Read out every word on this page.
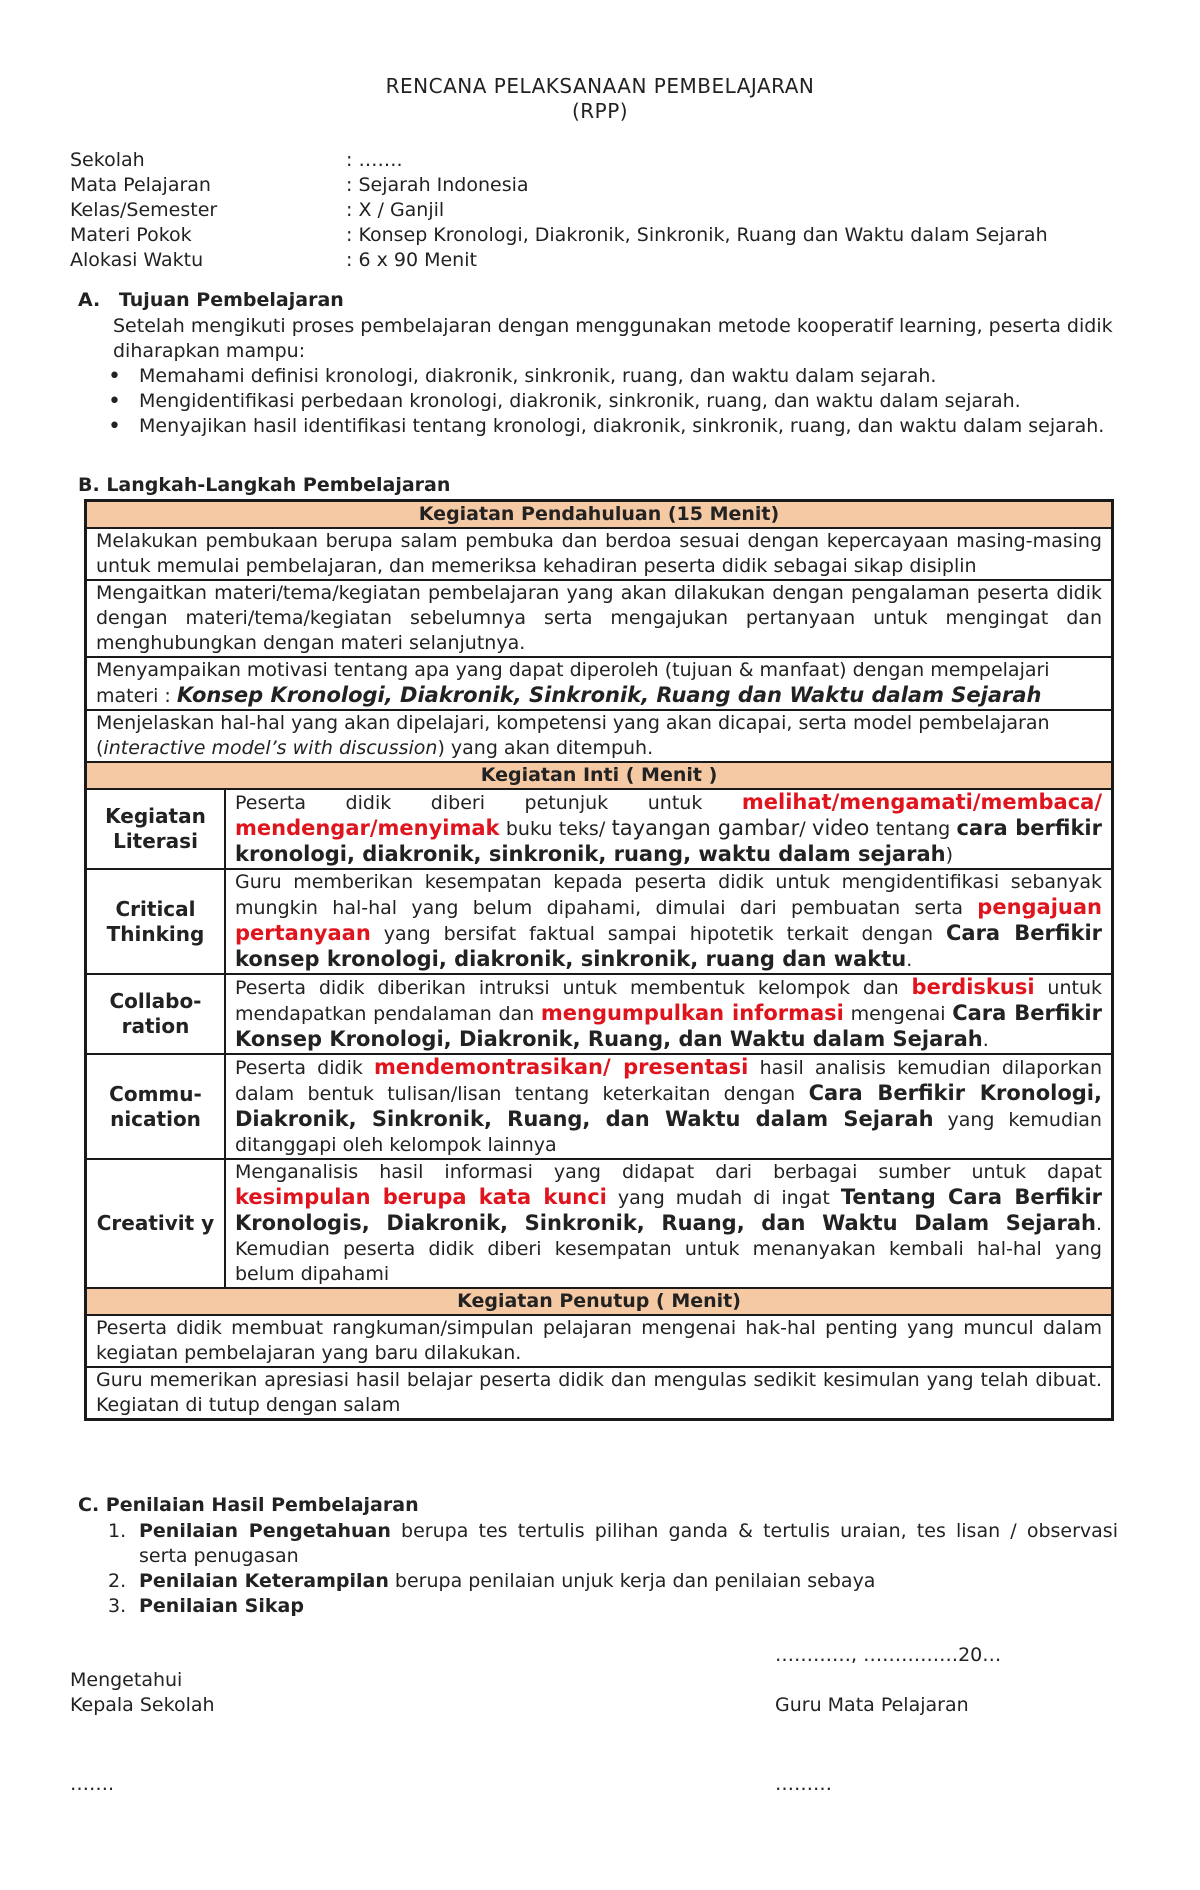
RENCANA PELAKSANAAN PEMBELAJARAN
(RPP)
Sekolah	: …….
Mata Pelajaran	: Sejarah Indonesia
Kelas/Semester	: X / Ganjil
Materi Pokok	: Konsep Kronologi, Diakronik, Sinkronik, Ruang dan Waktu dalam Sejarah
Alokasi Waktu	: 6 x 90 Menit
A. Tujuan Pembelajaran
Setelah mengikuti proses pembelajaran dengan menggunakan metode kooperatif learning, peserta didik diharapkan mampu:
• Memahami definisi kronologi, diakronik, sinkronik, ruang, dan waktu dalam sejarah.
• Mengidentifikasi perbedaan kronologi, diakronik, sinkronik, ruang, dan waktu dalam sejarah.
• Menyajikan hasil identifikasi tentang kronologi, diakronik, sinkronik, ruang, dan waktu dalam sejarah.
B. Langkah-Langkah Pembelajaran
Kegiatan Pendahuluan (15 Menit)	
Melakukan pembukaan berupa salam pembuka dan berdoa sesuai dengan kepercayaan masing-masing untuk memulai pembelajaran, dan memeriksa kehadiran peserta didik sebagai sikap disiplin	
Mengaitkan materi/tema/kegiatan pembelajaran yang akan dilakukan dengan pengalaman peserta didik dengan materi/tema/kegiatan sebelumnya serta mengajukan pertanyaan untuk mengingat dan menghubungkan dengan materi selanjutnya.	
Menyampaikan motivasi tentang apa yang dapat diperoleh (tujuan & manfaat) dengan mempelajari materi : Konsep Kronologi, Diakronik, Sinkronik, Ruang dan Waktu dalam Sejarah	
Menjelaskan hal-hal yang akan dipelajari, kompetensi yang akan dicapai, serta model pembelajaran (interactive model’s with discussion) yang akan ditempuh.	
Kegiatan Inti ( Menit )	
Kegiatan Literasi	Peserta didik diberi petunjuk untuk melihat/mengamati/membaca/ mendengar/menyimak buku teks/ tayangan gambar/ video tentang cara berfikir kronologi, diakronik, sinkronik, ruang, waktu dalam sejarah)
Critical Thinking	Guru memberikan kesempatan kepada peserta didik untuk mengidentifikasi sebanyak mungkin hal-hal yang belum dipahami, dimulai dari pembuatan serta pengajuan pertanyaan yang bersifat faktual sampai hipotetik terkait dengan Cara Berfikir konsep kronologi, diakronik, sinkronik, ruang dan waktu.
Collabo-ration	Peserta didik diberikan intruksi untuk membentuk kelompok dan berdiskusi untuk mendapatkan pendalaman dan mengumpulkan informasi mengenai Cara Berfikir Konsep Kronologi, Diakronik, Ruang, dan Waktu dalam Sejarah.
Commu-nication	Peserta didik mendemontrasikan/ presentasi hasil analisis kemudian dilaporkan dalam bentuk tulisan/lisan tentang keterkaitan dengan Cara Berfikir Kronologi, Diakronik, Sinkronik, Ruang, dan Waktu dalam Sejarah yang kemudian ditanggapi oleh kelompok lainnya
Creativit y	Menganalisis hasil informasi yang didapat dari berbagai sumber untuk dapat kesimpulan berupa kata kunci yang mudah di ingat Tentang Cara Berfikir Kronologis, Diakronik, Sinkronik, Ruang, dan Waktu Dalam Sejarah. Kemudian peserta didik diberi kesempatan untuk menanyakan kembali hal-hal yang belum dipahami
Kegiatan Penutup ( Menit)	
Peserta didik membuat rangkuman/simpulan pelajaran mengenai hak-hal penting yang muncul dalam kegiatan pembelajaran yang baru dilakukan.	
Guru memerikan apresiasi hasil belajar peserta didik dan mengulas sedikit kesimulan yang telah dibuat. Kegiatan di tutup dengan salam	
C. Penilaian Hasil Pembelajaran
1. Penilaian Pengetahuan berupa tes tertulis pilihan ganda & tertulis uraian, tes lisan / observasi serta penugasan
2. Penilaian Keterampilan berupa penilaian unjuk kerja dan penilaian sebaya
3. Penilaian Sikap
…………, ……………20…
Mengetahui
Kepala Sekolah	Guru Mata Pelajaran
…….	………
